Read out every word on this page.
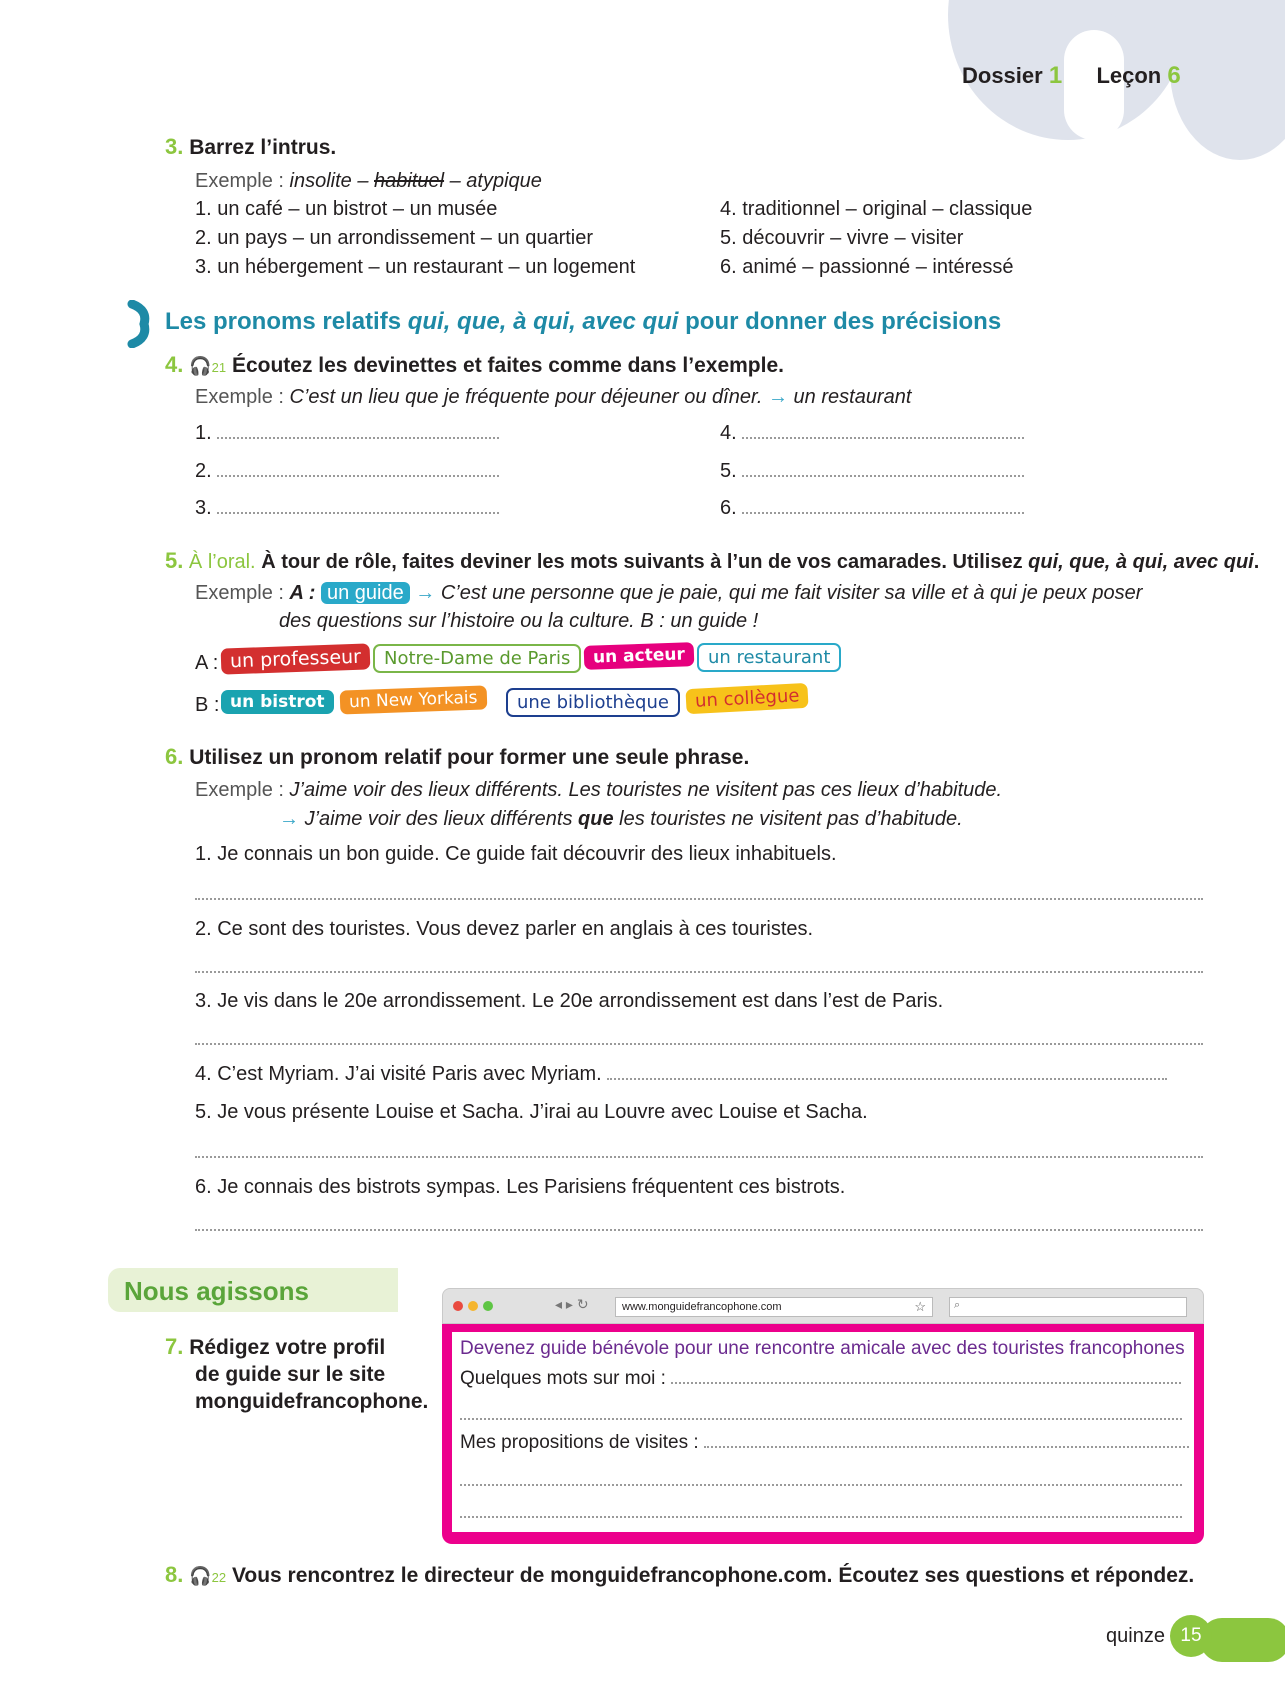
Dossier 1 Leçon 6
3. Barrez l’intrus.
Exemple : insolite – habituel – atypique
1. un café – un bistrot – un musée
2. un pays – un arrondissement – un quartier
3. un hébergement – un restaurant – un logement
4. traditionnel – original – classique
5. découvrir – vivre – visiter
6. animé – passionné – intéressé
Les pronoms relatifs qui, que, à qui, avec qui pour donner des précisions
4. 🎧21 Écoutez les devinettes et faites comme dans l’exemple.
Exemple : C’est un lieu que je fréquente pour déjeuner ou dîner. → un restaurant
1.
2.
3.
4.
5.
6.
5. À l’oral. À tour de rôle, faites deviner les mots suivants à l’un de vos camarades. Utilisez qui, que, à qui, avec qui.
Exemple : A : un guide → C’est une personne que je paie, qui me fait visiter sa ville et à qui je peux poser
des questions sur l’histoire ou la culture. B : un guide !
A : un professeur	Notre-Dame de Paris	un acteur	un restaurant
B : un bistrot	un New Yorkais	une bibliothèque	un collègue
6. Utilisez un pronom relatif pour former une seule phrase.
Exemple : J’aime voir des lieux différents. Les touristes ne visitent pas ces lieux d’habitude.
→ J’aime voir des lieux différents que les touristes ne visitent pas d’habitude.
1. Je connais un bon guide. Ce guide fait découvrir des lieux inhabituels.
2. Ce sont des touristes. Vous devez parler en anglais à ces touristes.
3. Je vis dans le 20e arrondissement. Le 20e arrondissement est dans l’est de Paris.
4. C’est Myriam. J’ai visité Paris avec Myriam.
5. Je vous présente Louise et Sacha. J’irai au Louvre avec Louise et Sacha.
6. Je connais des bistrots sympas. Les Parisiens fréquentent ces bistrots.
Nous agissons
7. Rédigez votre profil
de guide sur le site
monguidefrancophone.
◂ ▸ ↻	www.monguidefrancophone.com	☆	⌕
Devenez guide bénévole pour une rencontre amicale avec des touristes francophones
Quelques mots sur moi :
Mes propositions de visites :
8. 🎧22 Vous rencontrez le directeur de monguidefrancophone.com. Écoutez ses questions et répondez.
quinze 15
